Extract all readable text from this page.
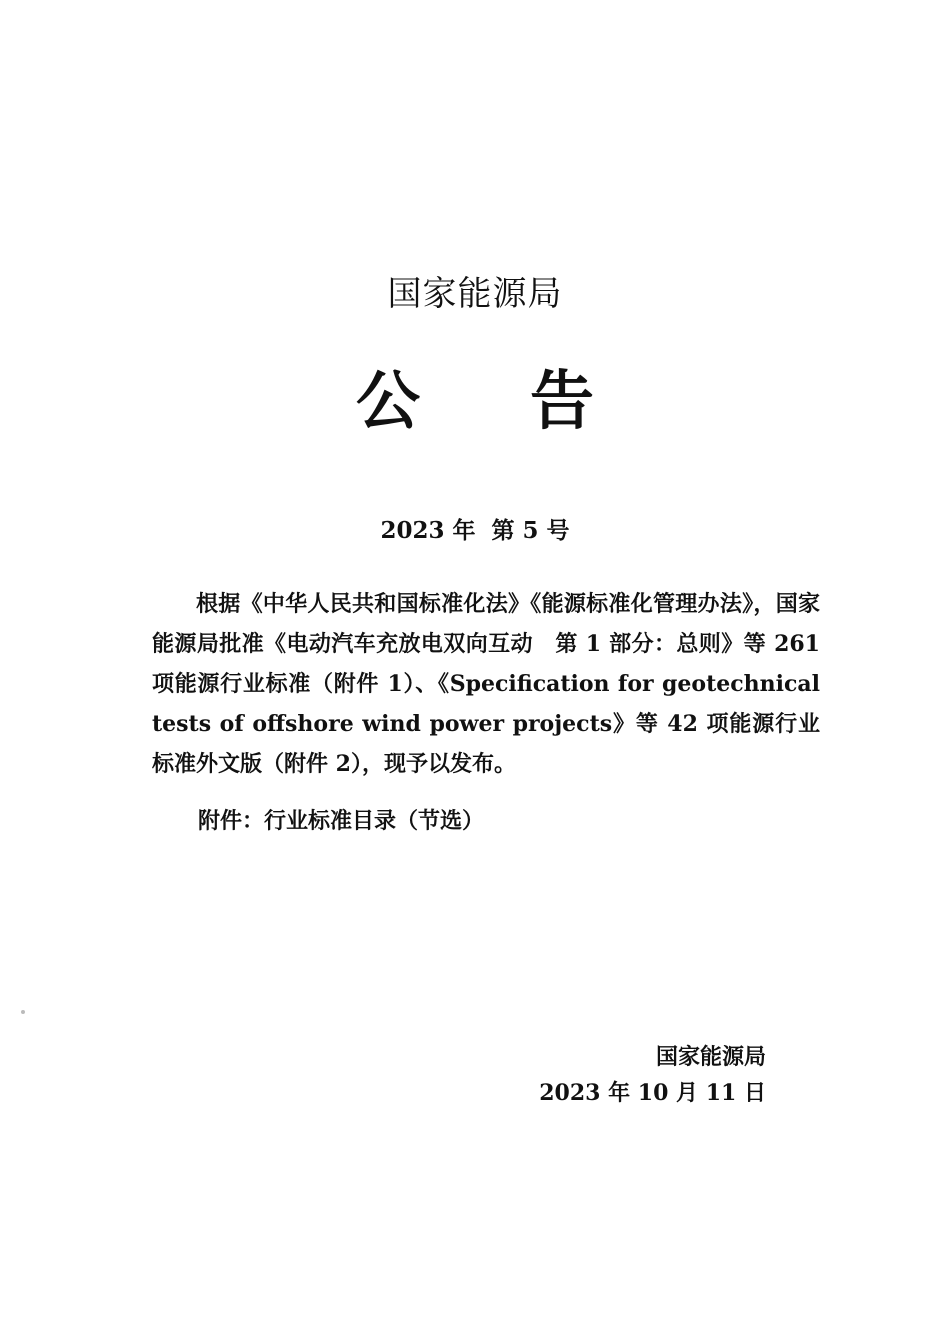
国家能源局
公告
2023 年  第 5 号
根据《中华人民共和国标准化法》《能源标准化管理办法》，国家能源局批准《电动汽车充放电双向互动　第 1 部分：总则》等 261 项能源行业标准（附件 1）、《Specification for geotechnical tests of offshore wind power projects》等 42 项能源行业标准外文版（附件 2），现予以发布。
附件：行业标准目录（节选）
国家能源局
2023 年 10 月 11 日
